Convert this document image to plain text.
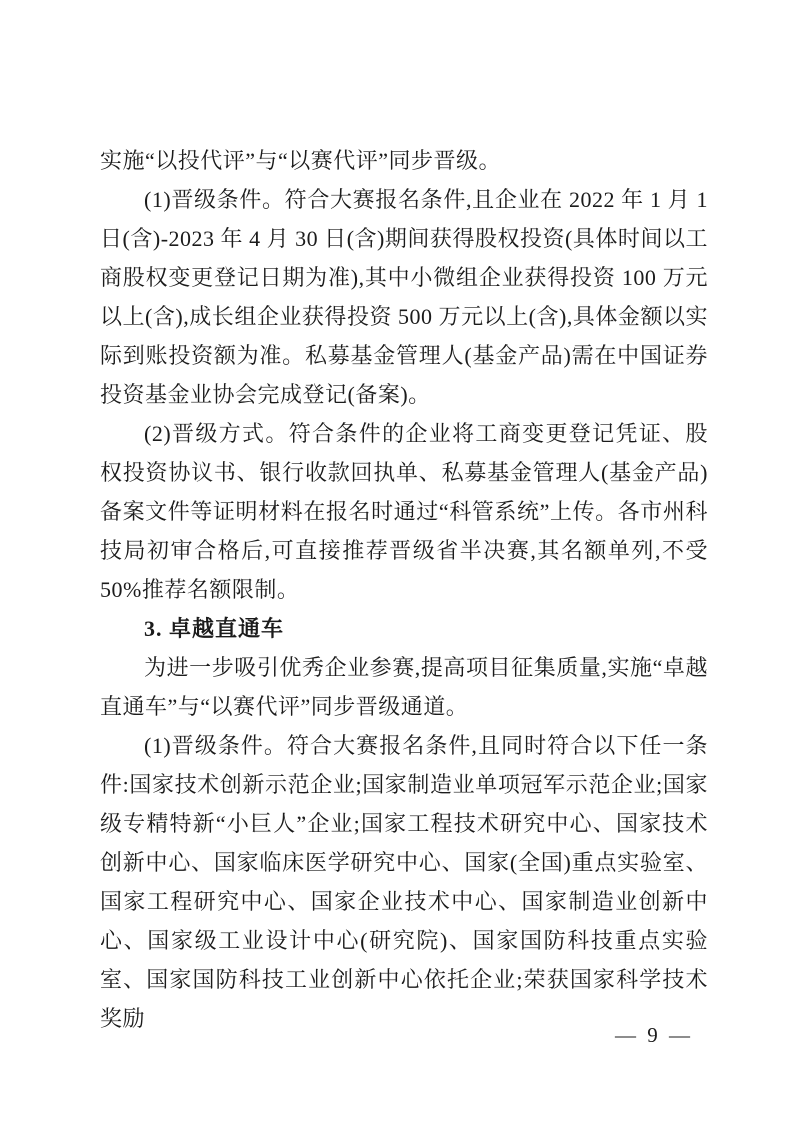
实施“以投代评”与“以赛代评”同步晋级。

(1)晋级条件。符合大赛报名条件,且企业在 2022 年 1 月 1 日(含)-2023 年 4 月 30 日(含)期间获得股权投资(具体时间以工商股权变更登记日期为准),其中小微组企业获得投资 100 万元以上(含),成长组企业获得投资 500 万元以上(含),具体金额以实际到账投资额为准。私募基金管理人(基金产品)需在中国证券投资基金业协会完成登记(备案)。

(2)晋级方式。符合条件的企业将工商变更登记凭证、股权投资协议书、银行收款回执单、私募基金管理人(基金产品)备案文件等证明材料在报名时通过“科管系统”上传。各市州科技局初审合格后,可直接推荐晋级省半决赛,其名额单列,不受50%推荐名额限制。

3. 卓越直通车

为进一步吸引优秀企业参赛,提高项目征集质量,实施“卓越直通车”与“以赛代评”同步晋级通道。

(1)晋级条件。符合大赛报名条件,且同时符合以下任一条件:国家技术创新示范企业;国家制造业单项冠军示范企业;国家级专精特新“小巨人”企业;国家工程技术研究中心、国家技术创新中心、国家临床医学研究中心、国家(全国)重点实验室、国家工程研究中心、国家企业技术中心、国家制造业创新中心、国家级工业设计中心(研究院)、国家国防科技重点实验室、国家国防科技工业创新中心依托企业;荣获国家科学技术奖励

— 9 —
